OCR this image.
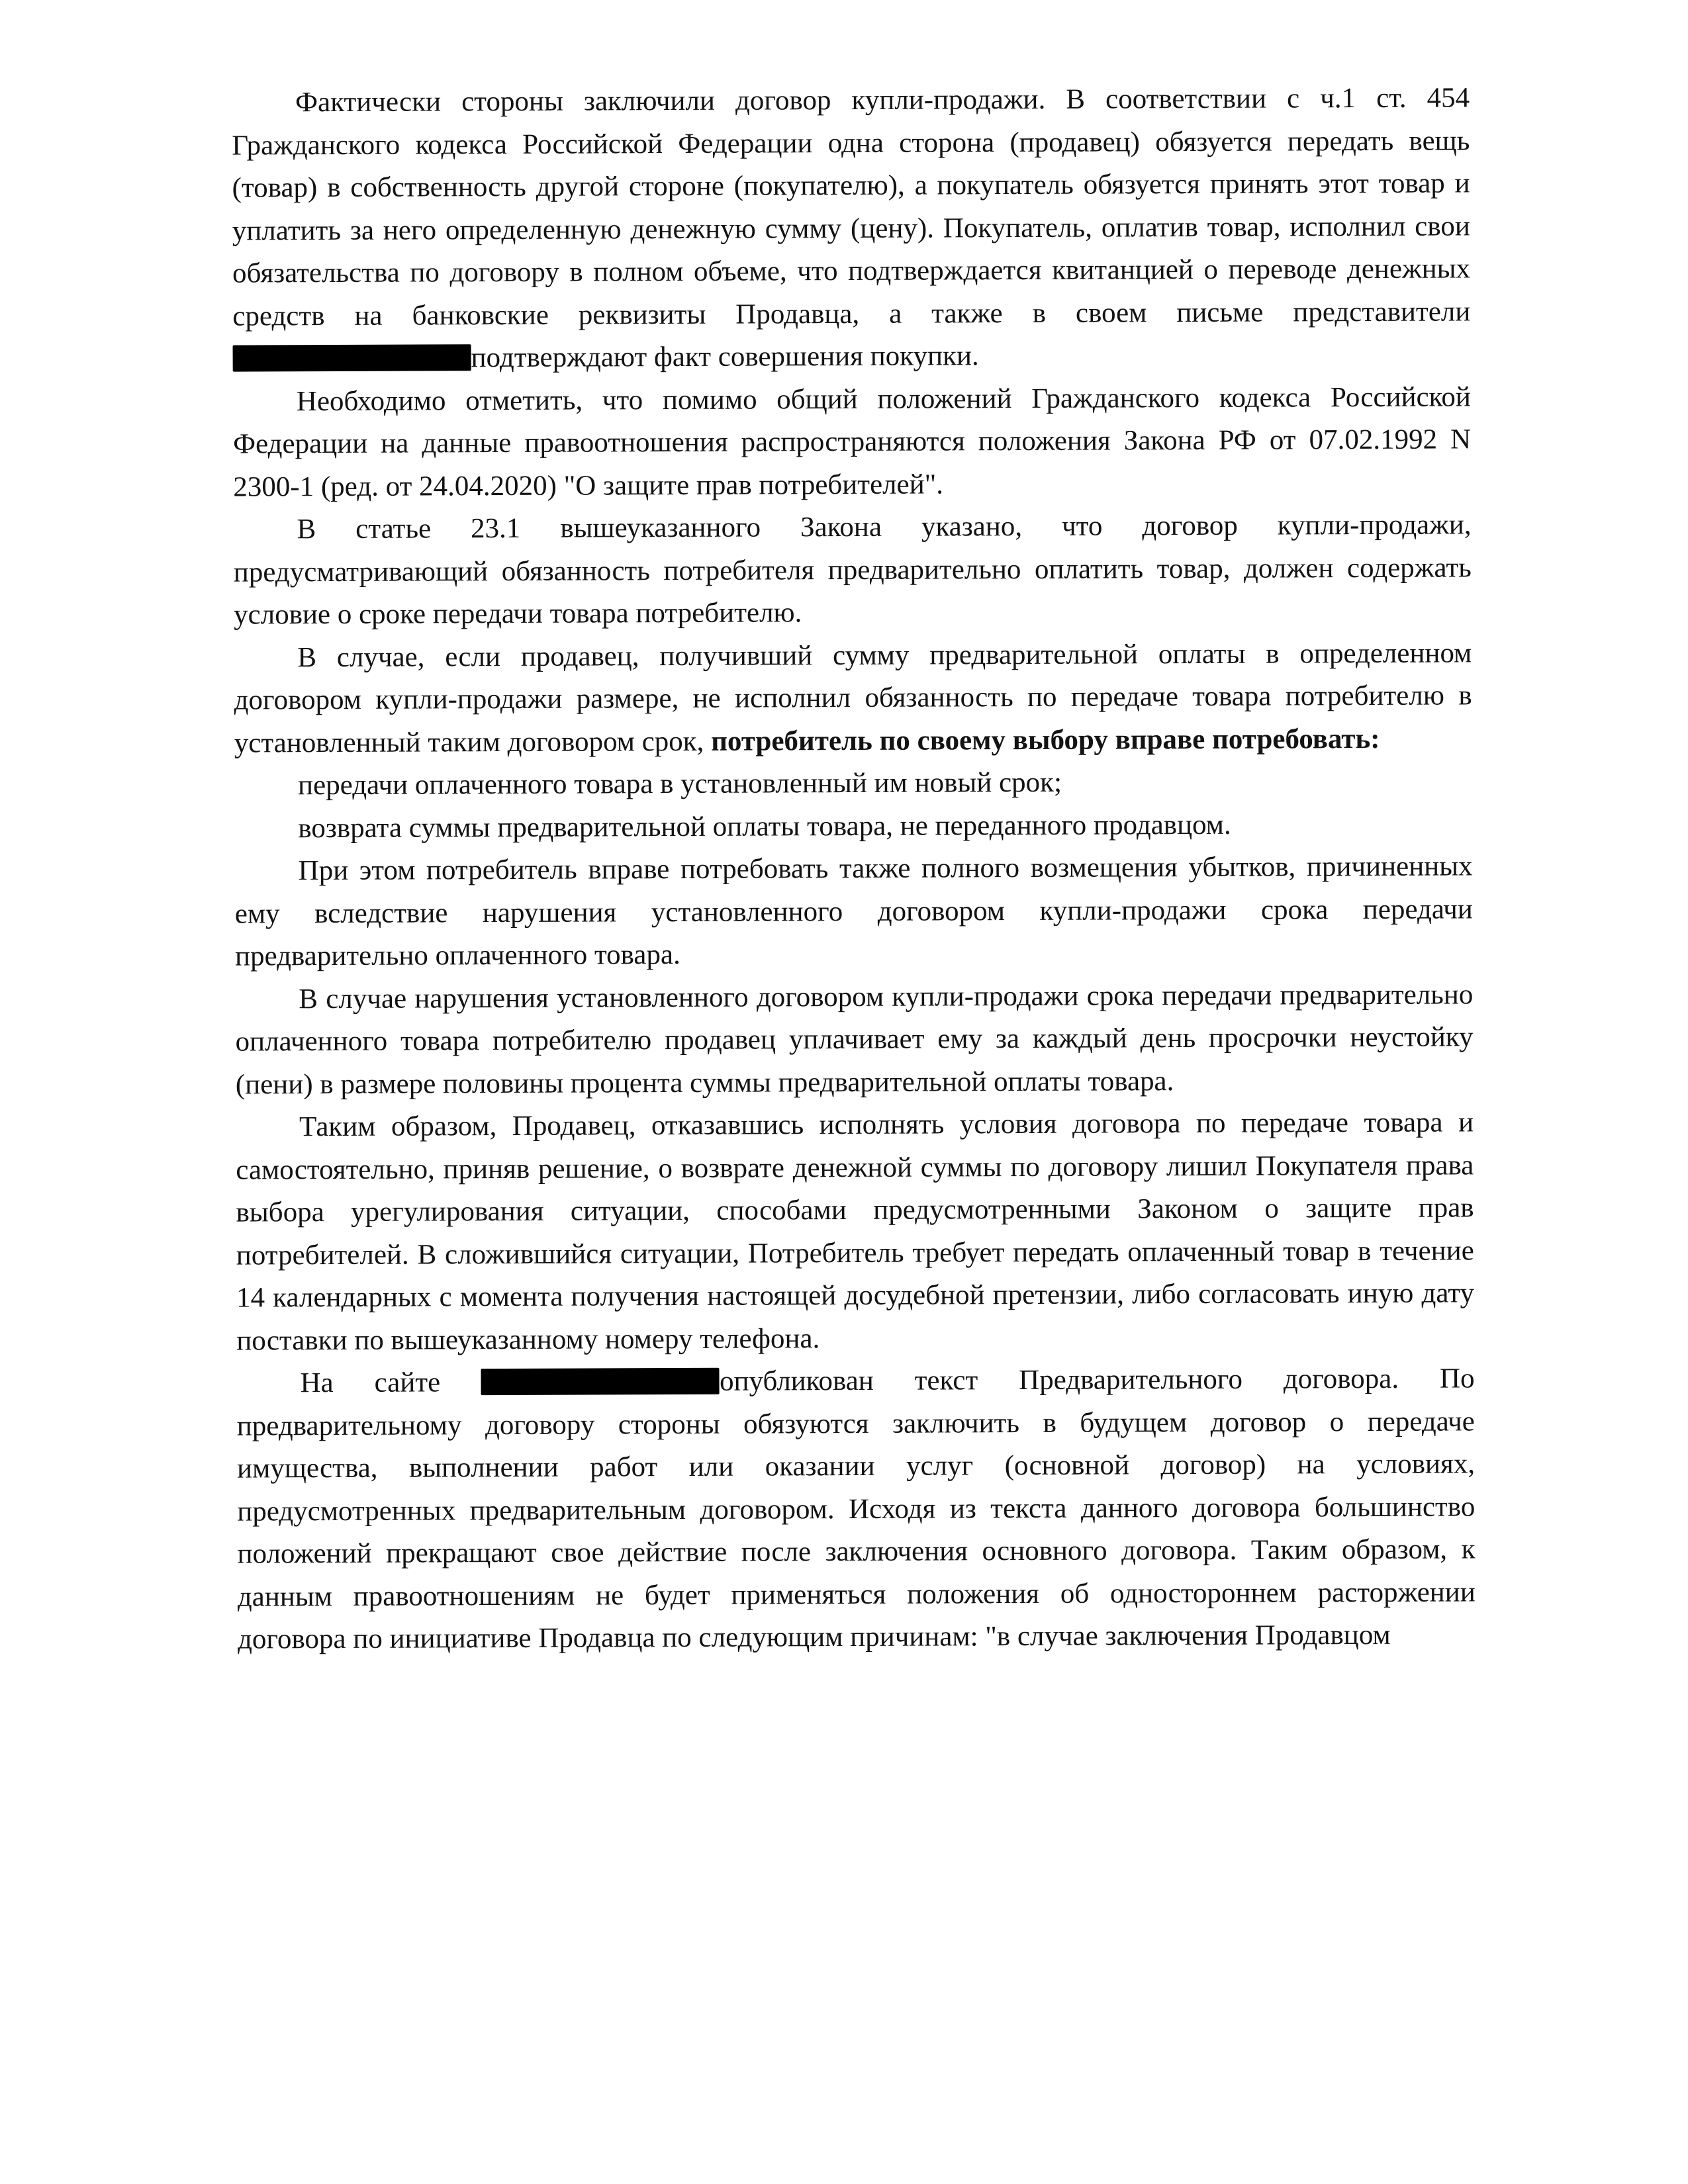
Фактически стороны заключили договор купли-продажи. В соответствии с ч.1 ст. 454 Гражданского кодекса Российской Федерации одна сторона (продавец) обязуется передать вещь (товар) в собственность другой стороне (покупателю), а покупатель обязуется принять этот товар и уплатить за него определенную денежную сумму (цену). Покупатель, оплатив товар, исполнил свои обязательства по договору в полном объеме, что подтверждается квитанцией о переводе денежных средств на банковские реквизиты Продавца, а также в своем письме представители подтверждают факт совершения покупки.

Необходимо отметить, что помимо общий положений Гражданского кодекса Российской Федерации на данные правоотношения распространяются положения Закона РФ от 07.02.1992 N 2300-1 (ред. от 24.04.2020) "О защите прав потребителей".

В статье 23.1 вышеуказанного Закона указано, что договор купли-продажи, предусматривающий обязанность потребителя предварительно оплатить товар, должен содержать условие о сроке передачи товара потребителю.

В случае, если продавец, получивший сумму предварительной оплаты в определенном договором купли-продажи размере, не исполнил обязанность по передаче товара потребителю в установленный таким договором срок, потребитель по своему выбору вправе потребовать:

передачи оплаченного товара в установленный им новый срок;

возврата суммы предварительной оплаты товара, не переданного продавцом.

При этом потребитель вправе потребовать также полного возмещения убытков, причиненных ему вследствие нарушения установленного договором купли-продажи срока передачи предварительно оплаченного товара.

В случае нарушения установленного договором купли-продажи срока передачи предварительно оплаченного товара потребителю продавец уплачивает ему за каждый день просрочки неустойку (пени) в размере половины процента суммы предварительной оплаты товара.

Таким образом, Продавец, отказавшись исполнять условия договора по передаче товара и самостоятельно, приняв решение, о возврате денежной суммы по договору лишил Покупателя права выбора урегулирования ситуации, способами предусмотренными Законом о защите прав потребителей. В сложившийся ситуации, Потребитель требует передать оплаченный товар в течение 14 календарных с момента получения настоящей досудебной претензии, либо согласовать иную дату поставки по вышеуказанному номеру телефона.

На сайте	опубликован текст Предварительного договора. По предварительному договору стороны обязуются заключить в будущем договор о передаче имущества, выполнении работ или оказании услуг (основной договор) на условиях, предусмотренных предварительным договором. Исходя из текста данного договора большинство положений прекращают свое действие после заключения основного договора. Таким образом, к данным правоотношениям не будет применяться положения об одностороннем расторжении договора по инициативе Продавца по следующим причинам: "в случае заключения Продавцом
